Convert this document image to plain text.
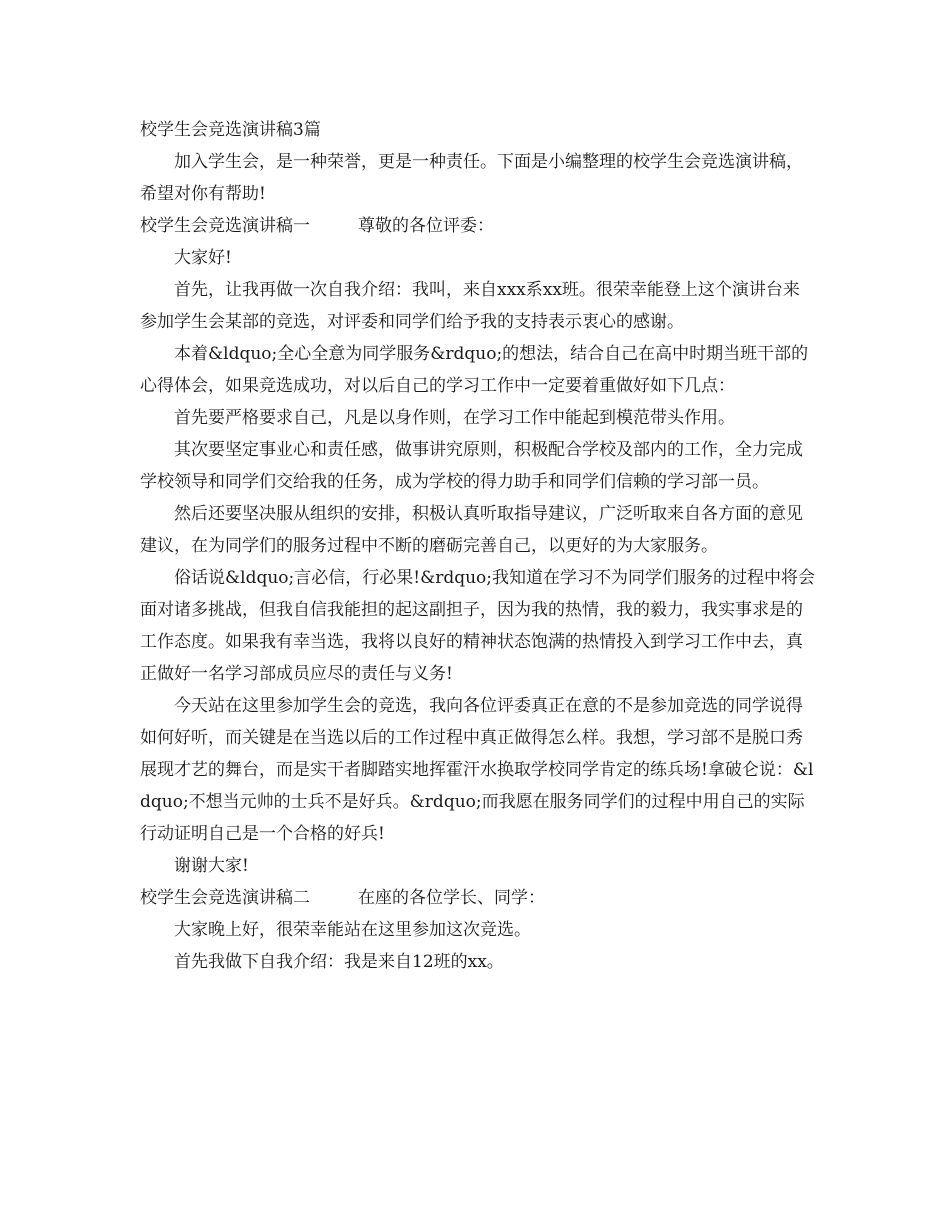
校学生会竞选演讲稿3篇

加入学生会，是一种荣誉，更是一种责任。下面是小编整理的校学生会竞选演讲稿，希望对你有帮助!

校学生会竞选演讲稿一	尊敬的各位评委：

大家好!

首先，让我再做一次自我介绍：我叫，来自xxx系xx班。很荣幸能登上这个演讲台来参加学生会某部的竞选，对评委和同学们给予我的支持表示衷心的感谢。

本着&ldquo;全心全意为同学服务&rdquo;的想法，结合自己在高中时期当班干部的心得体会，如果竞选成功，对以后自己的学习工作中一定要着重做好如下几点：

首先要严格要求自己，凡是以身作则，在学习工作中能起到模范带头作用。

其次要坚定事业心和责任感，做事讲究原则，积极配合学校及部内的工作，全力完成学校领导和同学们交给我的任务，成为学校的得力助手和同学们信赖的学习部一员。

然后还要坚决服从组织的安排，积极认真听取指导建议，广泛听取来自各方面的意见建议，在为同学们的服务过程中不断的磨砺完善自己，以更好的为大家服务。

俗话说&ldquo;言必信，行必果!&rdquo;我知道在学习不为同学们服务的过程中将会面对诸多挑战，但我自信我能担的起这副担子，因为我的热情，我的毅力，我实事求是的工作态度。如果我有幸当选，我将以良好的精神状态饱满的热情投入到学习工作中去，真正做好一名学习部成员应尽的责任与义务!

今天站在这里参加学生会的竞选，我向各位评委真正在意的不是参加竞选的同学说得如何好听，而关键是在当选以后的工作过程中真正做得怎么样。我想，学习部不是脱口秀展现才艺的舞台，而是实干者脚踏实地挥霍汗水换取学校同学肯定的练兵场!拿破仑说：&ldquo;不想当元帅的士兵不是好兵。&rdquo;而我愿在服务同学们的过程中用自己的实际行动证明自己是一个合格的好兵!

谢谢大家!

校学生会竞选演讲稿二	在座的各位学长、同学：

大家晚上好，很荣幸能站在这里参加这次竞选。

首先我做下自我介绍：我是来自12班的xx。
